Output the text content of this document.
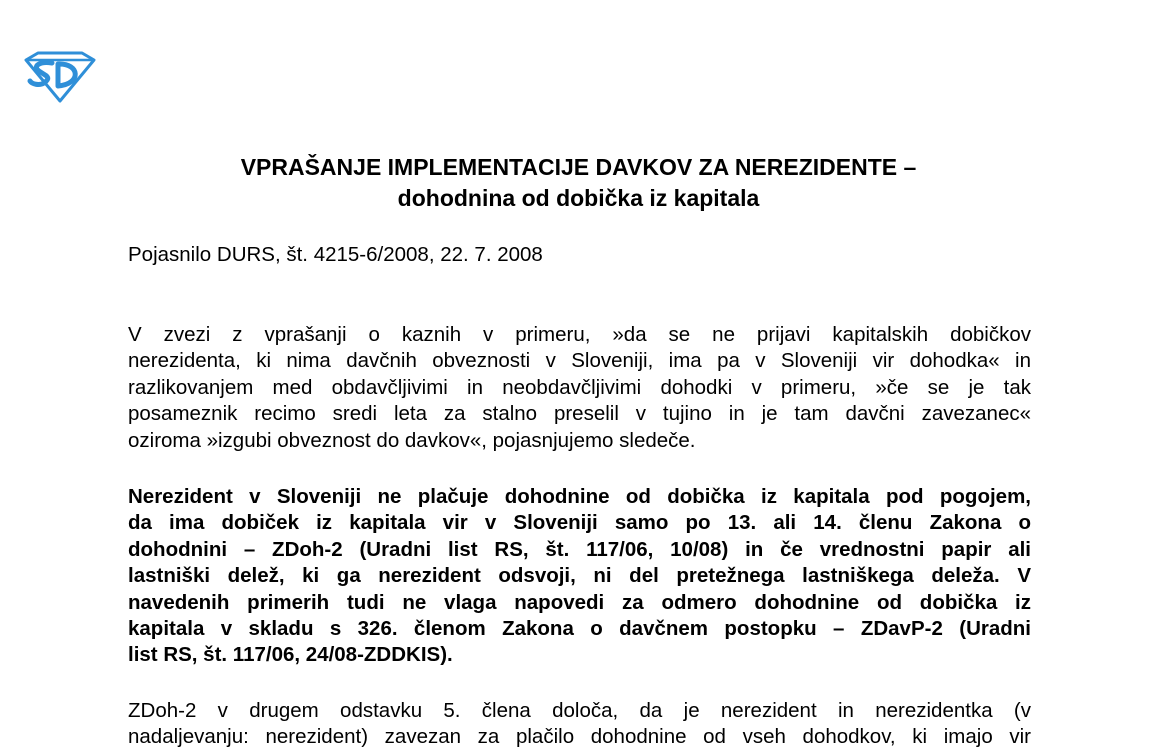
VPRAŠANJE IMPLEMENTACIJE DAVKOV ZA NEREZIDENTE –
dohodnina od dobička iz kapitala
Pojasnilo DURS, št. 4215-6/2008, 22. 7. 2008
V zvezi z vprašanji o kaznih v primeru, »da se ne prijavi kapitalskih dobičkov
nerezidenta, ki nima davčnih obveznosti v Sloveniji, ima pa v Sloveniji vir dohodka« in
razlikovanjem med obdavčljivimi in neobdavčljivimi dohodki v primeru, »če se je tak
posameznik recimo sredi leta za stalno preselil v tujino in je tam davčni zavezanec«
oziroma »izgubi obveznost do davkov«, pojasnjujemo sledeče.
Nerezident v Sloveniji ne plačuje dohodnine od dobička iz kapitala pod pogojem,
da ima dobiček iz kapitala vir v Sloveniji samo po 13. ali 14. členu Zakona o
dohodnini – ZDoh-2 (Uradni list RS, št. 117/06, 10/08) in če vrednostni papir ali
lastniški delež, ki ga nerezident odsvoji, ni del pretežnega lastniškega deleža. V
navedenih primerih tudi ne vlaga napovedi za odmero dohodnine od dobička iz
kapitala v skladu s 326. členom Zakona o davčnem postopku – ZDavP-2 (Uradni
list RS, št. 117/06, 24/08-ZDDKIS).
ZDoh-2 v drugem odstavku 5. člena določa, da je nerezident in nerezidentka (v
nadaljevanju: nerezident) zavezan za plačilo dohodnine od vseh dohodkov, ki imajo vir
